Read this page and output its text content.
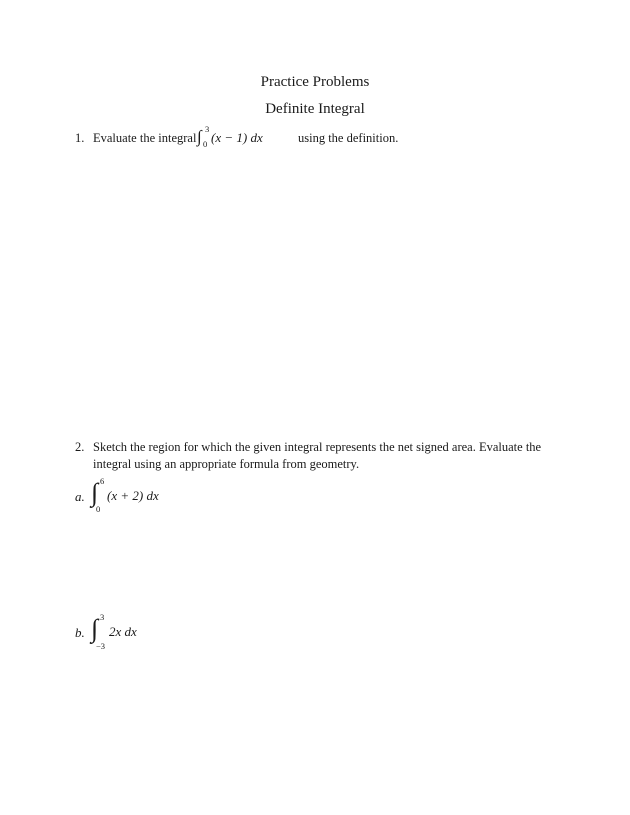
Practice Problems
Definite Integral
1. Evaluate the integral ∫ 3
0 (x − 1) dx	using the definition.
2. Sketch the region for which the given integral represents the net signed area. Evaluate the
integral using an appropriate formula from geometry.
a. ∫ 6
0
(x + 2) dx
b. ∫ 3
−3
2x dx
